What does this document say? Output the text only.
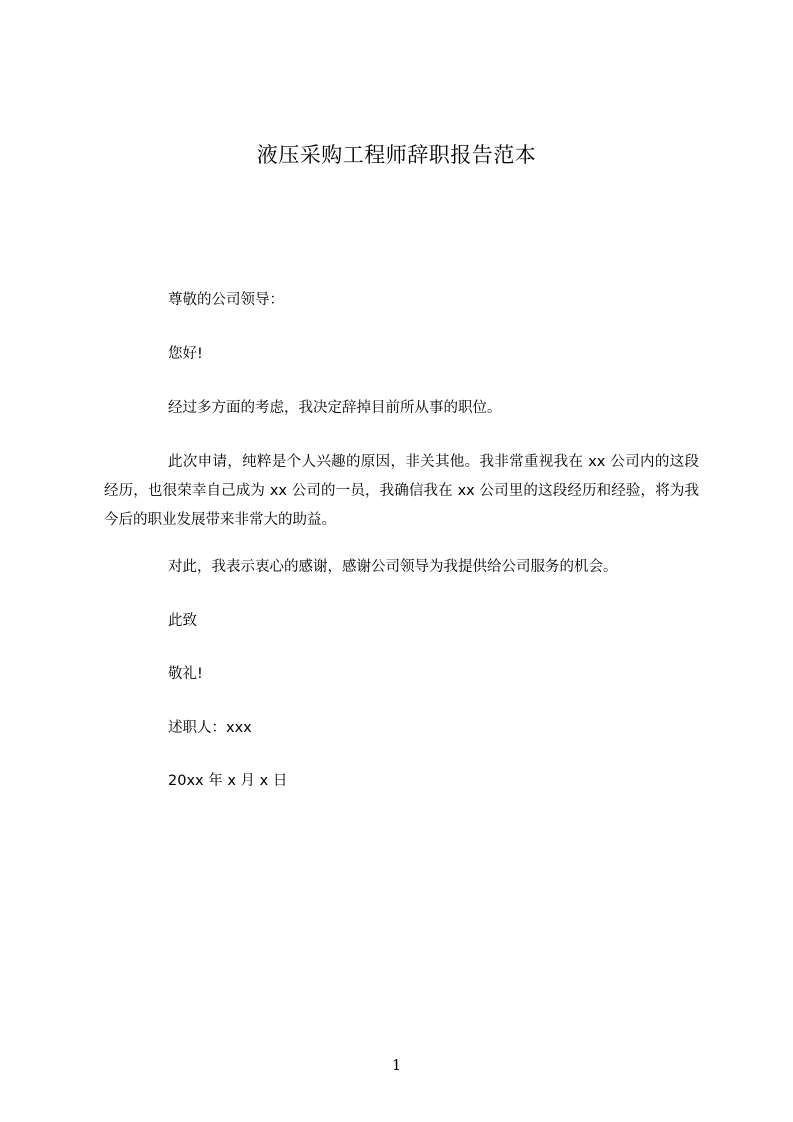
液压采购工程师辞职报告范本
尊敬的公司领导：
您好!
经过多方面的考虑，我决定辞掉目前所从事的职位。
此次申请，纯粹是个人兴趣的原因，非关其他。我非常重视我在 xx 公司内的这段经历，也很荣幸自己成为 xx 公司的一员，我确信我在 xx 公司里的这段经历和经验，将为我今后的职业发展带来非常大的助益。
对此，我表示衷心的感谢，感谢公司领导为我提供给公司服务的机会。
此致
敬礼!
述职人：xxx
20xx 年 x 月 x 日
1
